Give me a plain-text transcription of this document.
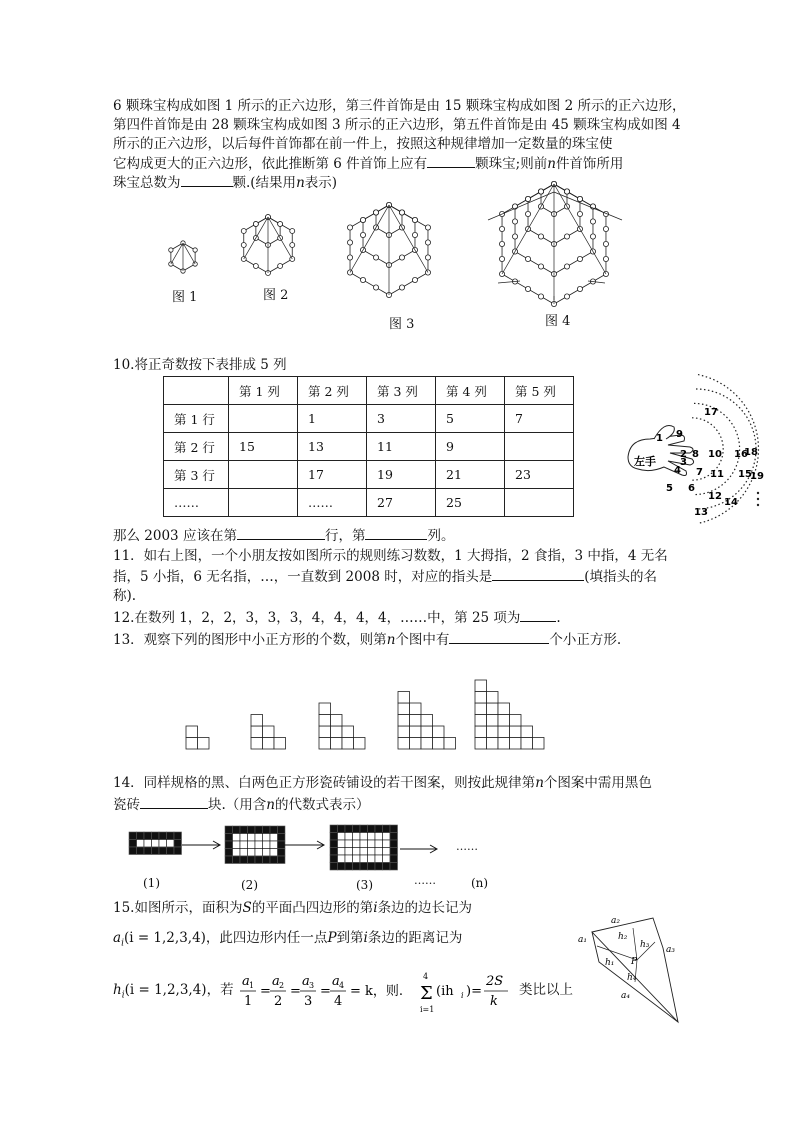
6 颗珠宝构成如图 1 所示的正六边形，第三件首饰是由 15 颗珠宝构成如图 2 所示的正六边形，
第四件首饰是由 28 颗珠宝构成如图 3 所示的正六边形，第五件首饰是由 45 颗珠宝构成如图 4
所示的正六边形，以后每件首饰都在前一件上，按照这种规律增加一定数量的珠宝使
它构成更大的正六边形，依此推断第 6 件首饰上应有	颗珠宝;则前n件首饰所用
珠宝总数为	颗.(结果用n表示)
图 1	图 2
图 3	图 4
10.将正奇数按下表排成 5 列
	第 1 列	第 2 列	第 3 列	第 4 列	第 5 列
第 1 行		1	3	5	7
第 2 行	15	13	11	9	
第 3 行		17	19	21	23
……		……	27	25	
那么 2003 应该在第	行，第	列。
左手
1
2
3
4
5 6
7
8
9
10
11
12
13
14
15
16
17
18
19
11．如右上图，一个小朋友按如图所示的规则练习数数，1 大拇指，2 食指，3 中指，4 无名
指，5 小指，6 无名指，…，一直数到 2008 时，对应的指头是	(填指头的名
称).
12.在数列 1，2，2，3，3，3，4，4，4，4，……中，第 25 项为	.
13．观察下列的图形中小正方形的个数，则第n个图中有	个小正方形.
14．同样规格的黑、白两色正方形瓷砖铺设的若干图案，则按此规律第n个图案中需用黑色
瓷砖	块.（用含n的代数式表示）
(1)	(2)	(3)	……	(n)
……
15.如图所示，面积为S的平面凸四边形的第i条边的边长记为
$a_i(i = 1,2,3,4)$，此四边形内任一点P到第i条边的距离记为
$h_i(i = 1,2,3,4)$，若
a 1
1
=
a 2
2
=
a 3
3
=
a 4
4
= k，则. Σ
4
i=1
(ih i )=
2S
k
类比以上
a₂
a₁	h₂
h₃ a₃
h₁ P
h₄
a₄
